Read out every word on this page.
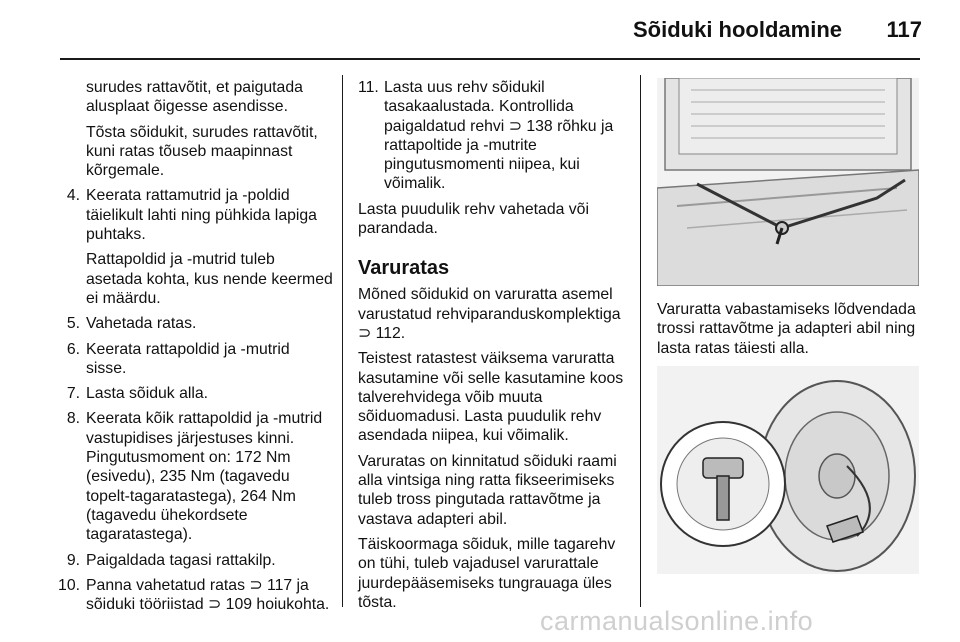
Sõiduki hooldamine 117

surudes rattavõtit, et paigutada alusplaat õigesse asendisse.

Tõsta sõidukit, surudes rattavõtit, kuni ratas tõuseb maapinnast kõrgemale.

4. Keerata rattamutrid ja -poldid täielikult lahti ning pühkida lapiga puhtaks.

Rattapoldid ja -mutrid tuleb asetada kohta, kus nende keermed ei määrdu.

5. Vahetada ratas.
6. Keerata rattapoldid ja -mutrid sisse.
7. Lasta sõiduk alla.
8. Keerata kõik rattapoldid ja -mutrid vastupidises järjestuses kinni. Pingutusmoment on: 172 Nm (esivedu), 235 Nm (tagavedu topelt-tagaratastega), 264 Nm (tagavedu ühekordsete tagaratastega).
9. Paigaldada tagasi rattakilp.
10. Panna vahetatud ratas ⊃ 117 ja sõiduki tööriistad ⊃ 109 hoiukohta.
11. Lasta uus rehv sõidukil tasakaalustada. Kontrollida paigaldatud rehvi ⊃ 138 rõhku ja rattapoltide ja -mutrite pingutusmomenti niipea, kui võimalik.

Lasta puudulik rehv vahetada või parandada.

Varuratas

Mõned sõidukid on varuratta asemel varustatud rehviparanduskomplektiga ⊃ 112.

Teistest ratastest väiksema varuratta kasutamine või selle kasutamine koos talverehvidega võib muuta sõiduomadusi. Lasta puudulik rehv asendada niipea, kui võimalik.

Varuratas on kinnitatud sõiduki raami alla vintsiga ning ratta fikseerimiseks tuleb tross pingutada rattavõtme ja vastava adapteri abil.

Täiskoormaga sõiduk, mille tagarehv on tühi, tuleb vajadusel varurattale juurdepääsemiseks tungrauaga üles tõsta.

Varuratta vabastamiseks lõdvendada trossi rattavõtme ja adapteri abil ning lasta ratas täiesti alla.

carmanualsonline.info
